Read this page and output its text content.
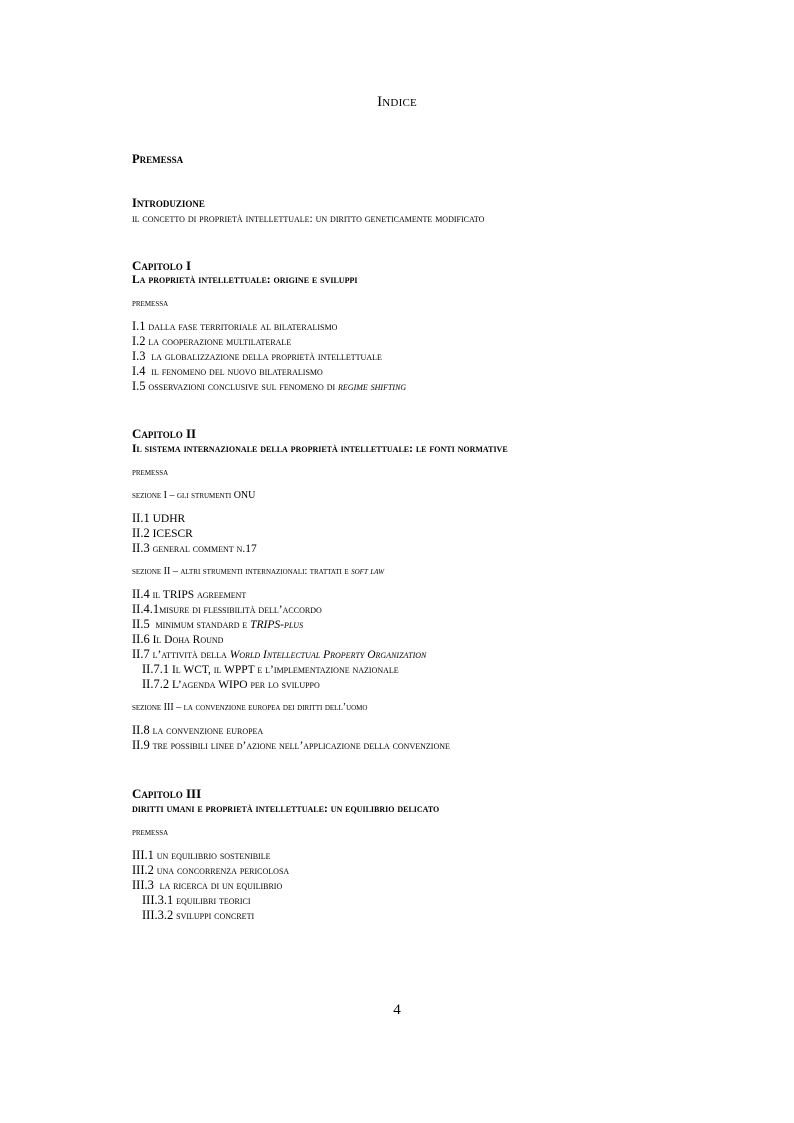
Indice
Premessa
Introduzione
il concetto di proprietà intellettuale: un diritto geneticamente modificato
Capitolo I
La proprietà intellettuale: origine e sviluppi
premessa
I.1 dalla fase territoriale al bilateralismo
I.2 la cooperazione multilaterale
I.3 la globalizzazione della proprietà intellettuale
I.4 il fenomeno del nuovo bilateralismo
I.5 osservazioni conclusive sul fenomeno di regime shifting
Capitolo II
Il sistema internazionale della proprietà intellettuale: le fonti normative
premessa
sezione I – gli strumenti ONU
II.1 UDHR
II.2 ICESCR
II.3 general comment n.17
sezione II – altri strumenti internazionali: trattati e soft law
II.4 il TRIPS agreement
II.4.1misure di flessibilità dell’accordo
II.5 minimum standard e TRIPS-plus
II.6 Il Doha Round
II.7 l’attività della World Intellectual Property Organization
II.7.1 Il WCT, il WPPT e l’implementazione nazionale
II.7.2 L’agenda WIPO per lo sviluppo
sezione III – la convenzione europea dei diritti dell’uomo
II.8 la convenzione europea
II.9 tre possibili linee d’azione nell’applicazione della convenzione
Capitolo III
diritti umani e proprietà intellettuale: un equilibrio delicato
premessa
III.1 un equilibrio sostenibile
III.2 una concorrenza pericolosa
III.3 la ricerca di un equilibrio
III.3.1 equilibri teorici
III.3.2 sviluppi concreti
4
